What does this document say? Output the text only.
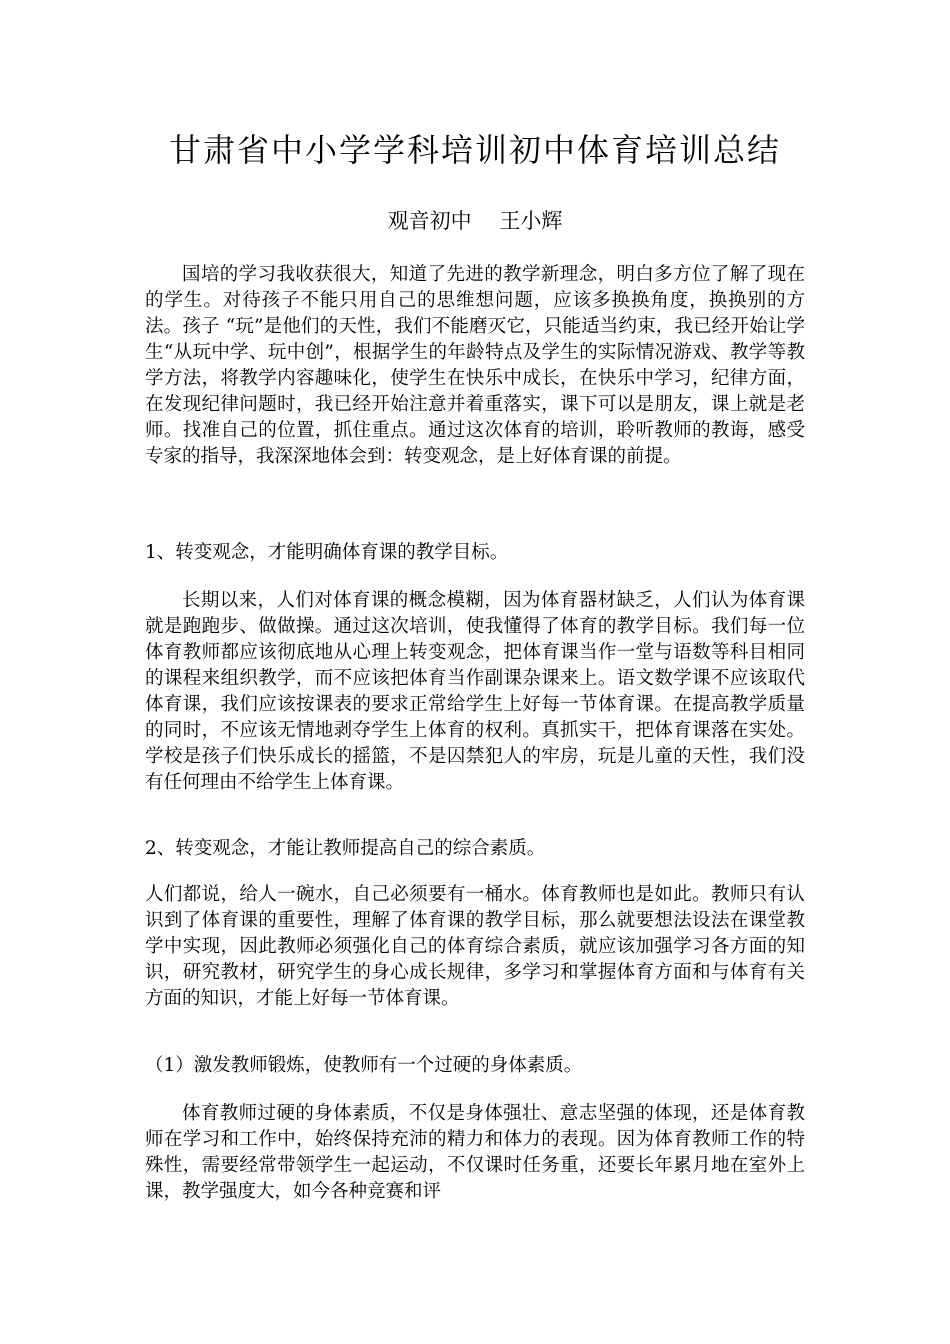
甘肃省中小学学科培训初中体育培训总结
观音初中　 王小辉

国培的学习我收获很大，知道了先进的教学新理念，明白多方位了解了现在的学生。对待孩子不能只用自己的思维想问题，应该多换换角度，换换别的方法。孩子 “玩”是他们的天性，我们不能磨灭它，只能适当约束，我已经开始让学生“从玩中学、玩中创”，根据学生的年龄特点及学生的实际情况游戏、教学等教学方法，将教学内容趣味化，使学生在快乐中成长，在快乐中学习，纪律方面，在发现纪律问题时，我已经开始注意并着重落实，课下可以是朋友，课上就是老师。找准自己的位置，抓住重点。通过这次体育的培训，聆听教师的教诲，感受专家的指导，我深深地体会到：转变观念，是上好体育课的前提。

1、转变观念，才能明确体育课的教学目标。

长期以来，人们对体育课的概念模糊，因为体育器材缺乏，人们认为体育课就是跑跑步、做做操。通过这次培训，使我懂得了体育的教学目标。我们每一位体育教师都应该彻底地从心理上转变观念，把体育课当作一堂与语数等科目相同的课程来组织教学，而不应该把体育当作副课杂课来上。语文数学课不应该取代体育课，我们应该按课表的要求正常给学生上好每一节体育课。在提高教学质量的同时，不应该无情地剥夺学生上体育的权利。真抓实干，把体育课落在实处。学校是孩子们快乐成长的摇篮，不是囚禁犯人的牢房，玩是儿童的天性，我们没有任何理由不给学生上体育课。

2、转变观念，才能让教师提高自己的综合素质。

人们都说，给人一碗水，自己必须要有一桶水。体育教师也是如此。教师只有认识到了体育课的重要性，理解了体育课的教学目标，那么就要想法设法在课堂教学中实现，因此教师必须强化自己的体育综合素质，就应该加强学习各方面的知识，研究教材，研究学生的身心成长规律，多学习和掌握体育方面和与体育有关方面的知识，才能上好每一节体育课。

（1）激发教师锻炼，使教师有一个过硬的身体素质。

体育教师过硬的身体素质，不仅是身体强壮、意志坚强的体现，还是体育教师在学习和工作中，始终保持充沛的精力和体力的表现。因为体育教师工作的特殊性，需要经常带领学生一起运动，不仅课时任务重，还要长年累月地在室外上课，教学强度大，如今各种竞赛和评
